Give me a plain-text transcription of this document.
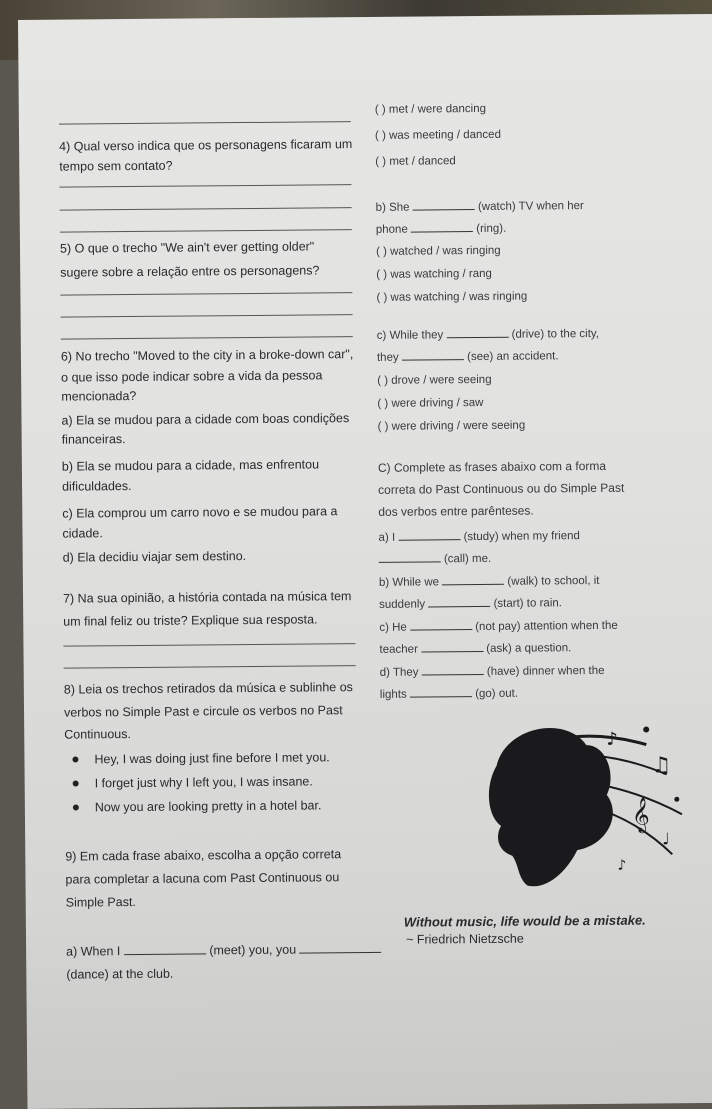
4) Qual verso indica que os personagens ficaram um
tempo sem contato?
5) O que o trecho "We ain't ever getting older"
sugere sobre a relação entre os personagens?
6) No trecho "Moved to the city in a broke-down car",
o que isso pode indicar sobre a vida da pessoa
mencionada?
a) Ela se mudou para a cidade com boas condições
financeiras.
b) Ela se mudou para a cidade, mas enfrentou
dificuldades.
c) Ela comprou um carro novo e se mudou para a
cidade.
d) Ela decidiu viajar sem destino.
7) Na sua opinião, a história contada na música tem
um final feliz ou triste? Explique sua resposta.
8) Leia os trechos retirados da música e sublinhe os
verbos no Simple Past e circule os verbos no Past
Continuous.
Hey, I was doing just fine before I met you.
I forget just why I left you, I was insane.
Now you are looking pretty in a hotel bar.
9) Em cada frase abaixo, escolha a opção correta
para completar a lacuna com Past Continuous ou
Simple Past.
a) When I	(meet) you, you
(dance) at the club.
( ) met / were dancing
( ) was meeting / danced
( ) met / danced
b) She	(watch) TV when her
phone	(ring).
( ) watched / was ringing
( ) was watching / rang
( ) was watching / was ringing
c) While they	(drive) to the city,
they	(see) an accident.
( ) drove / were seeing
( ) were driving / saw
( ) were driving / were seeing
C) Complete as frases abaixo com a forma
correta do Past Continuous ou do Simple Past
dos verbos entre parênteses.
a) I	(study) when my friend
(call) me.
b) While we	(walk) to school, it
suddenly	(start) to rain.
c) He	(not pay) attention when the
teacher	(ask) a question.
d) They	(have) dinner when the
lights	(go) out.
♪
♫
𝄞
♩
♪
Without music, life would be a mistake.
~ Friedrich Nietzsche
